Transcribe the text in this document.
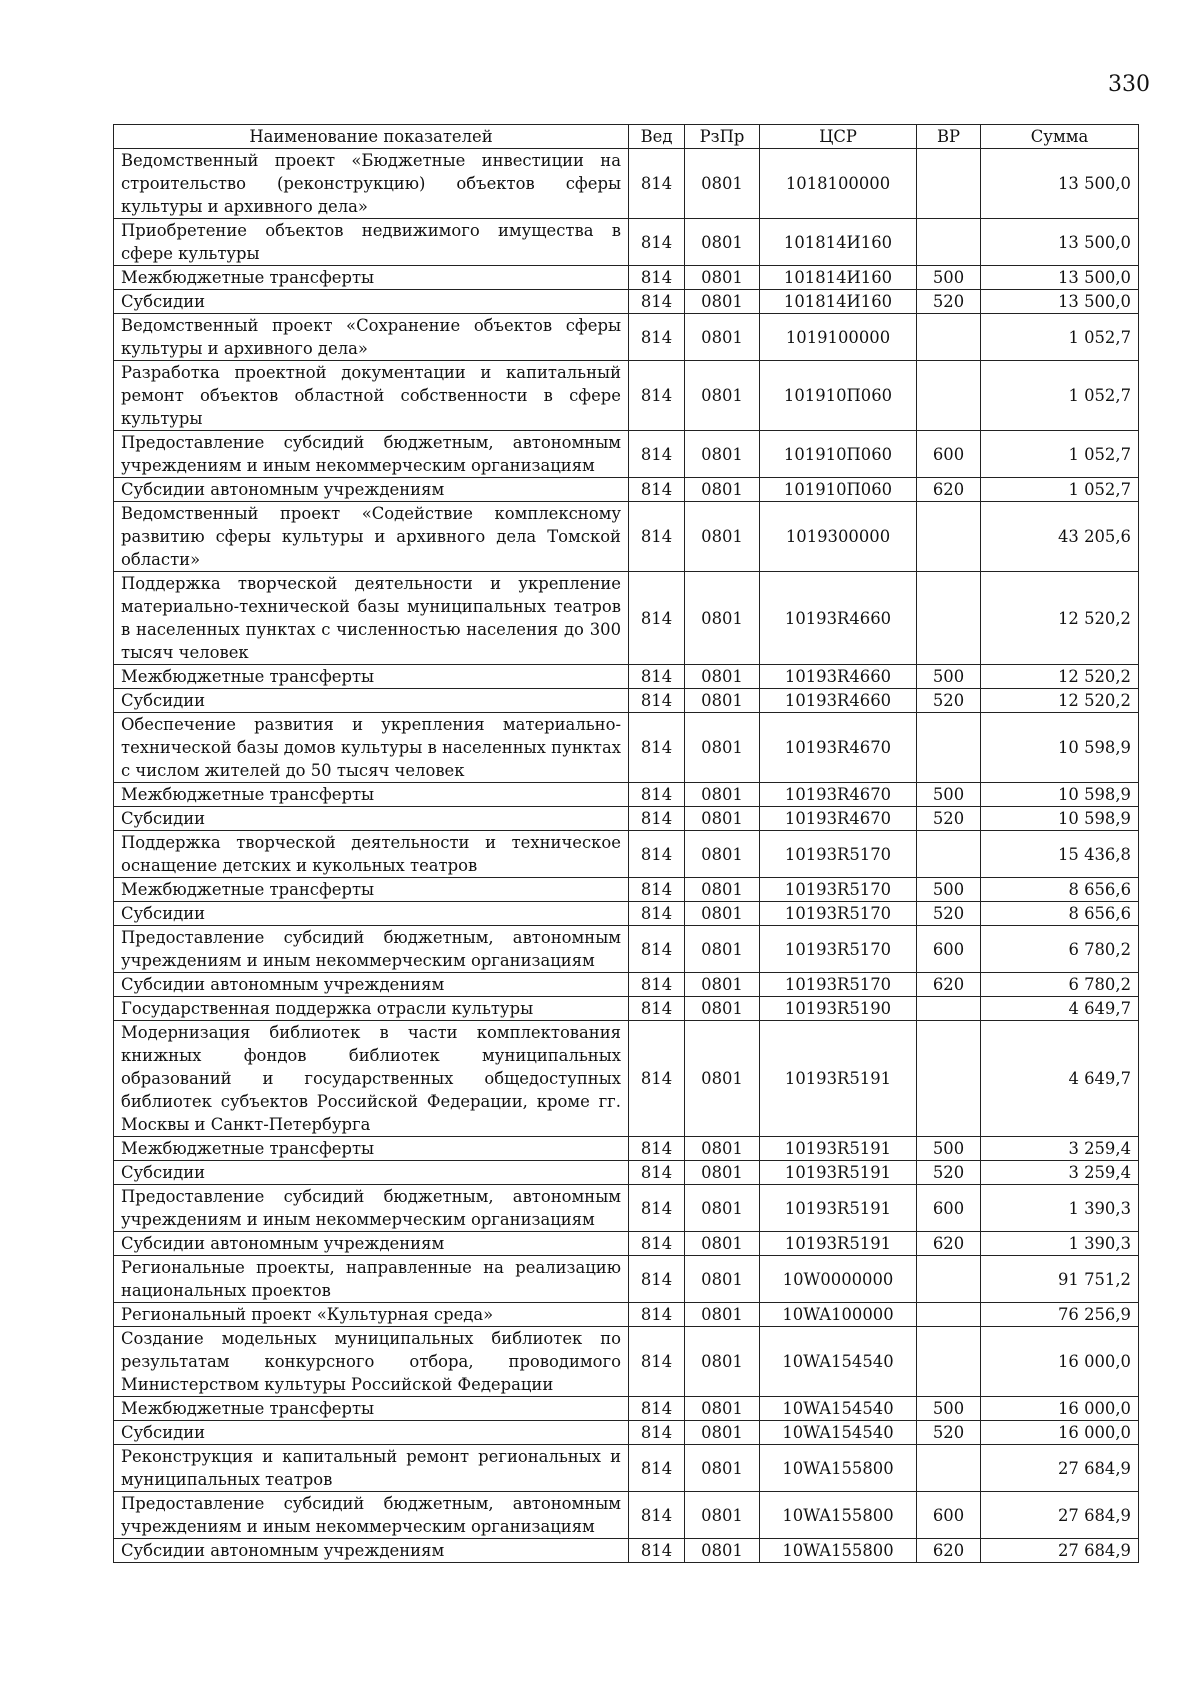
330
Наименование показателей	Вед	РзПр	ЦСР	ВР	Сумма
Ведомственный проект «Бюджетные инвестиции на строительство (реконструкцию) объектов сферы культуры и архивного дела»	814	0801	1018100000		13 500,0
Приобретение объектов недвижимого имущества в сфере культуры	814	0801	101814И160		13 500,0
Межбюджетные трансферты	814	0801	101814И160	500	13 500,0
Субсидии	814	0801	101814И160	520	13 500,0
Ведомственный проект «Сохранение объектов сферы культуры и архивного дела»	814	0801	1019100000		1 052,7
Разработка проектной документации и капитальный ремонт объектов областной собственности в сфере культуры	814	0801	101910П060		1 052,7
Предоставление субсидий бюджетным, автономным учреждениям и иным некоммерческим организациям	814	0801	101910П060	600	1 052,7
Субсидии автономным учреждениям	814	0801	101910П060	620	1 052,7
Ведомственный проект «Содействие комплексному развитию сферы культуры и архивного дела Томской области»	814	0801	1019300000		43 205,6
Поддержка творческой деятельности и укрепление материально-технической базы муниципальных театров в населенных пунктах с численностью населения до 300 тысяч человек	814	0801	10193R4660		12 520,2
Межбюджетные трансферты	814	0801	10193R4660	500	12 520,2
Субсидии	814	0801	10193R4660	520	12 520,2
Обеспечение развития и укрепления материально-технической базы домов культуры в населенных пунктах с числом жителей до 50 тысяч человек	814	0801	10193R4670		10 598,9
Межбюджетные трансферты	814	0801	10193R4670	500	10 598,9
Субсидии	814	0801	10193R4670	520	10 598,9
Поддержка творческой деятельности и техническое оснащение детских и кукольных театров	814	0801	10193R5170		15 436,8
Межбюджетные трансферты	814	0801	10193R5170	500	8 656,6
Субсидии	814	0801	10193R5170	520	8 656,6
Предоставление субсидий бюджетным, автономным учреждениям и иным некоммерческим организациям	814	0801	10193R5170	600	6 780,2
Субсидии автономным учреждениям	814	0801	10193R5170	620	6 780,2
Государственная поддержка отрасли культуры	814	0801	10193R5190		4 649,7
Модернизация библиотек в части комплектования книжных фондов библиотек муниципальных образований и государственных общедоступных библиотек субъектов Российской Федерации, кроме гг. Москвы и Санкт-Петербурга	814	0801	10193R5191		4 649,7
Межбюджетные трансферты	814	0801	10193R5191	500	3 259,4
Субсидии	814	0801	10193R5191	520	3 259,4
Предоставление субсидий бюджетным, автономным учреждениям и иным некоммерческим организациям	814	0801	10193R5191	600	1 390,3
Субсидии автономным учреждениям	814	0801	10193R5191	620	1 390,3
Региональные проекты, направленные на реализацию национальных проектов	814	0801	10W0000000		91 751,2
Региональный проект «Культурная среда»	814	0801	10WA100000		76 256,9
Создание модельных муниципальных библиотек по результатам конкурсного отбора, проводимого Министерством культуры Российской Федерации	814	0801	10WA154540		16 000,0
Межбюджетные трансферты	814	0801	10WA154540	500	16 000,0
Субсидии	814	0801	10WA154540	520	16 000,0
Реконструкция и капитальный ремонт региональных и муниципальных театров	814	0801	10WA155800		27 684,9
Предоставление субсидий бюджетным, автономным учреждениям и иным некоммерческим организациям	814	0801	10WA155800	600	27 684,9
Субсидии автономным учреждениям	814	0801	10WA155800	620	27 684,9
